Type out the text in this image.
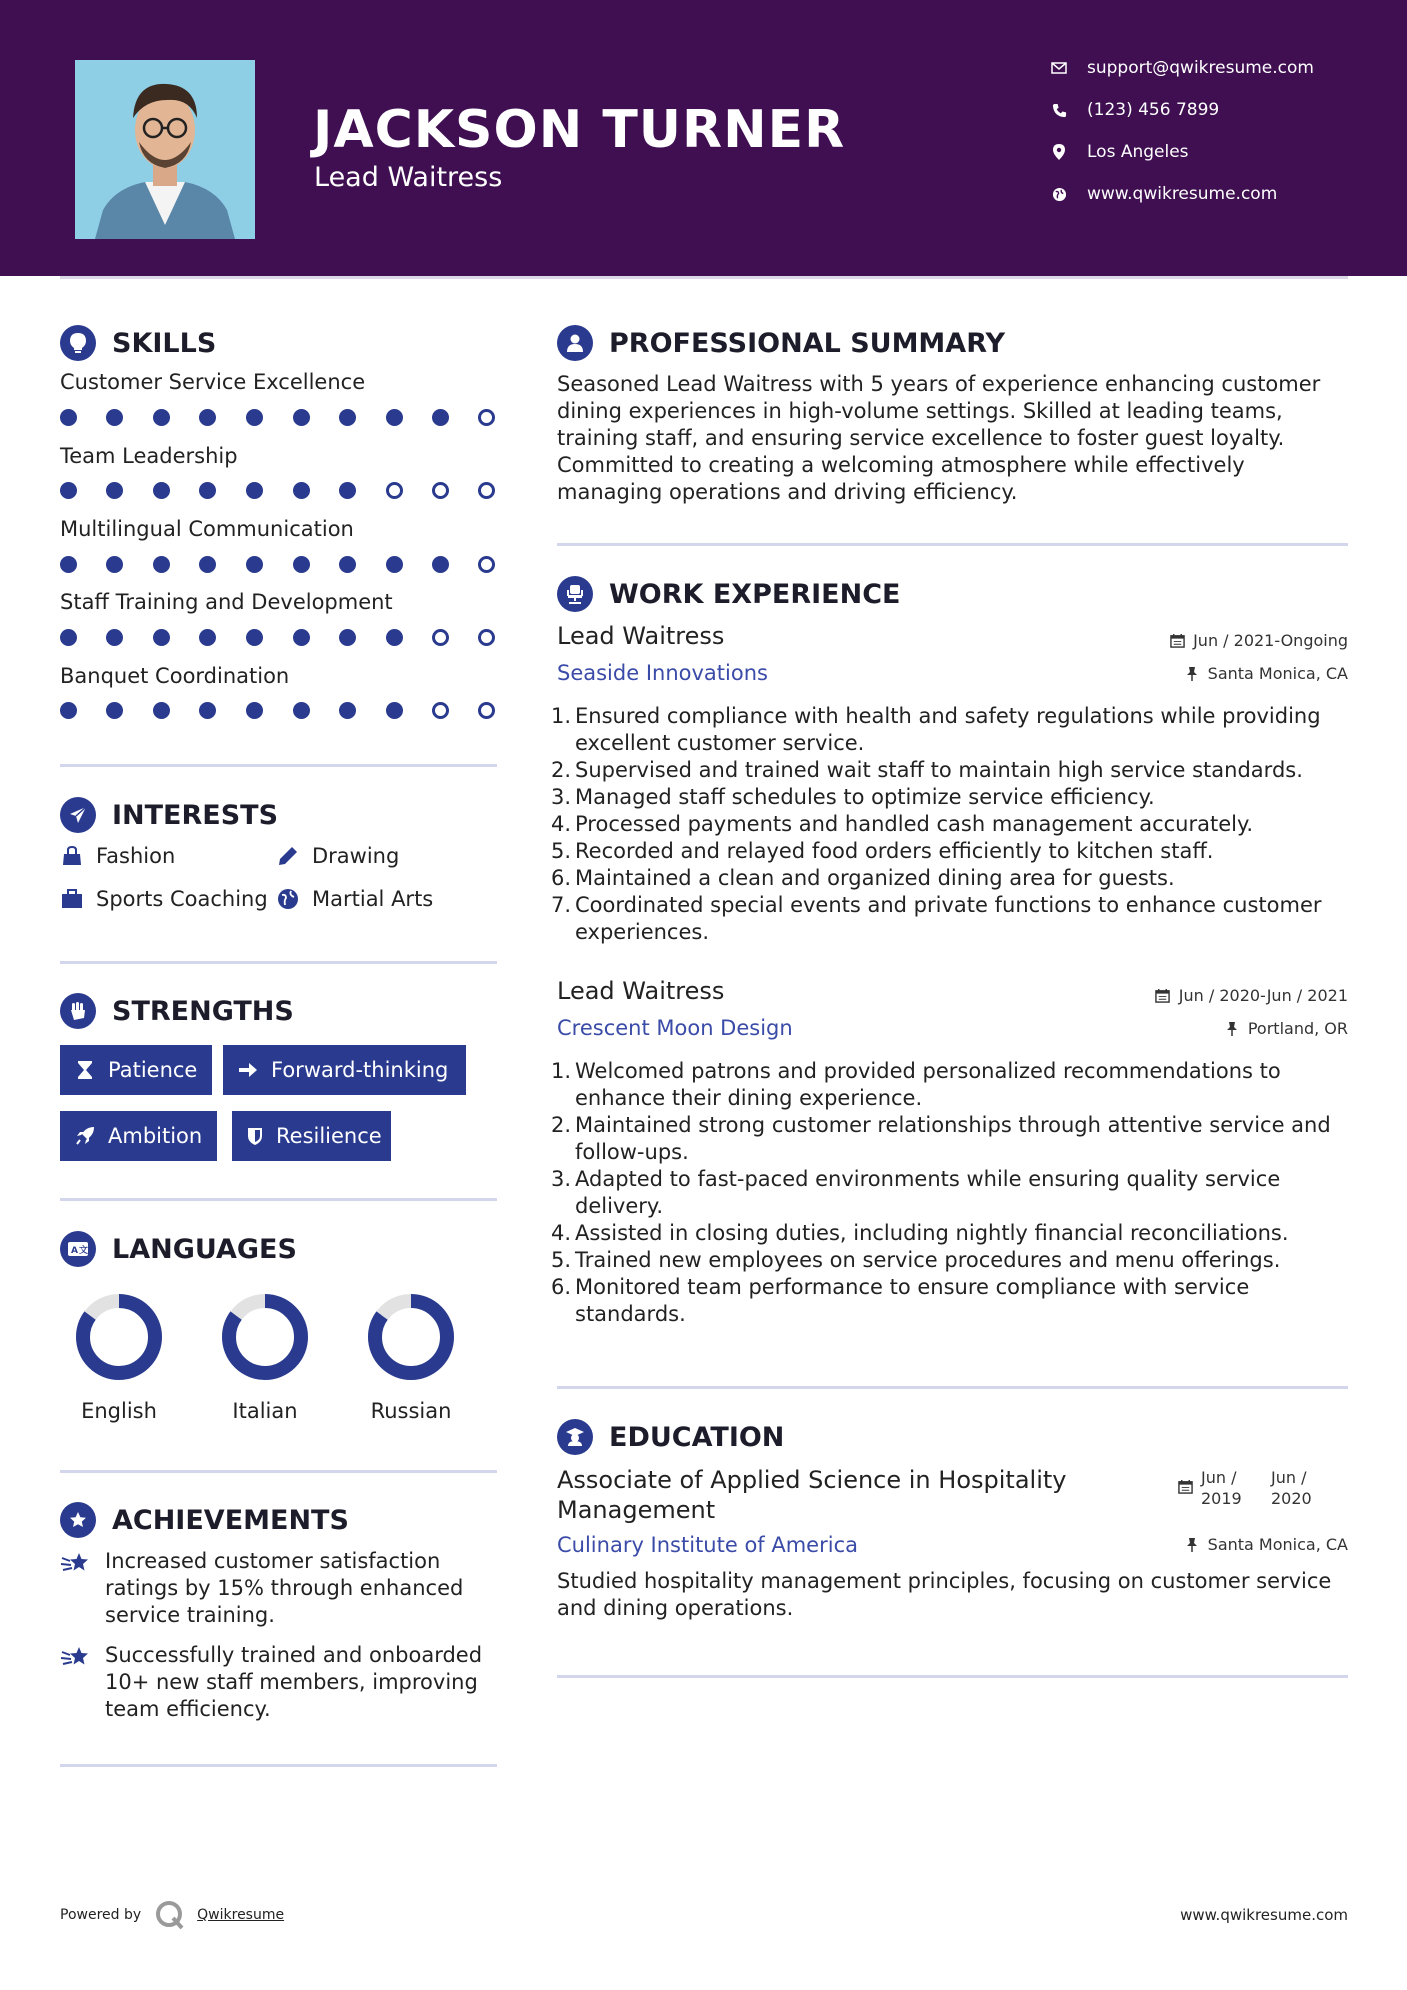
JACKSON TURNER
Lead Waitress
support@qwikresume.com
(123) 456 7899
Los Angeles
www.qwikresume.com
SKILLS
Customer Service Excellence
Team Leadership
Multilingual Communication
Staff Training and Development
Banquet Coordination
INTERESTS
Fashion	Drawing
Sports Coaching Martial Arts
STRENGTHS
Patience	Forward-thinking
Ambition	Resilience
A 文 LANGUAGES
English	Italian	Russian
ACHIEVEMENTS
Increased customer satisfaction ratings by 15% through enhanced service training.
Successfully trained and onboarded 10+ new staff members, improving team efficiency.
PROFESSIONAL SUMMARY
Seasoned Lead Waitress with 5 years of experience enhancing customer dining experiences in high-volume settings. Skilled at leading teams, training staff, and ensuring service excellence to foster guest loyalty. Committed to creating a welcoming atmosphere while effectively managing operations and driving efficiency.
WORK EXPERIENCE
Lead Waitress	Jun / 2021-Ongoing
Seaside Innovations	Santa Monica, CA
1. Ensured compliance with health and safety regulations while providing excellent customer service.
2. Supervised and trained wait staff to maintain high service standards.
3. Managed staff schedules to optimize service efficiency.
4. Processed payments and handled cash management accurately.
5. Recorded and relayed food orders efficiently to kitchen staff.
6. Maintained a clean and organized dining area for guests.
7. Coordinated special events and private functions to enhance customer experiences.
Lead Waitress	Jun / 2020-Jun / 2021
Crescent Moon Design	Portland, OR
1. Welcomed patrons and provided personalized recommendations to enhance their dining experience.
2. Maintained strong customer relationships through attentive service and follow-ups.
3. Adapted to fast-paced environments while ensuring quality service delivery.
4. Assisted in closing duties, including nightly financial reconciliations.
5. Trained new employees on service procedures and menu offerings.
6. Monitored team performance to ensure compliance with service standards.
EDUCATION
Associate of Applied Science in Hospitality Management
Jun / 2019
Jun / 2020
Culinary Institute of America	Santa Monica, CA
Studied hospitality management principles, focusing on customer service and dining operations.
Powered by	Qwikresume	www.qwikresume.com
